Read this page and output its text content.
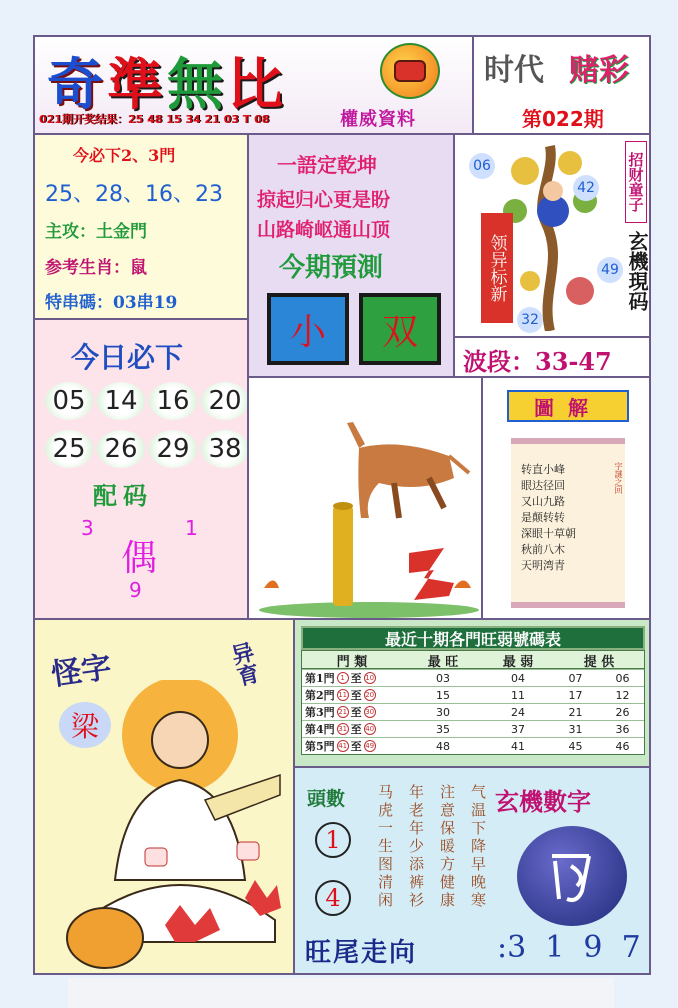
奇 準 無 比
權威資料
021期开奖结果：25 48 15 34 21 03 T 08
时代 赌彩
第022期
今必下2、3門
25、28、16、23
主攻：土金門
参考生肖：鼠
特串碼：03串19
一語定乾坤
掠起归心更是盼
山路崎岖通山顶
今期預測
小	双
06
42
49
32
领异标新
招财童子
玄機現码
波段：33-47
今日必下
05 14 16 20
25 26 29 38
配码
3	1
偶
9
圖解
转直小峰
眼达径回
又山九路
是颠转转
深眼十草朝
秋前八木
天明湾青
字謎之回
怪字	异育
梁
最近十期各門旺弱號碼表
門 類	最 旺	最 弱	提 供
第1門 1 至 10	03	04	07	06
第2門 11 至 20	15	11	17	12
第3門 21 至 30	30	24	21	26
第4門 31 至 40	35	37	31	36
第5門 41 至 49	48	41	45	46
頭數
1
4	马虎一生图清闲 年老年少添裤衫 注意保暖方健康 气温下降早晚寒 玄機數字
旺尾走向	:3  1  9  7
